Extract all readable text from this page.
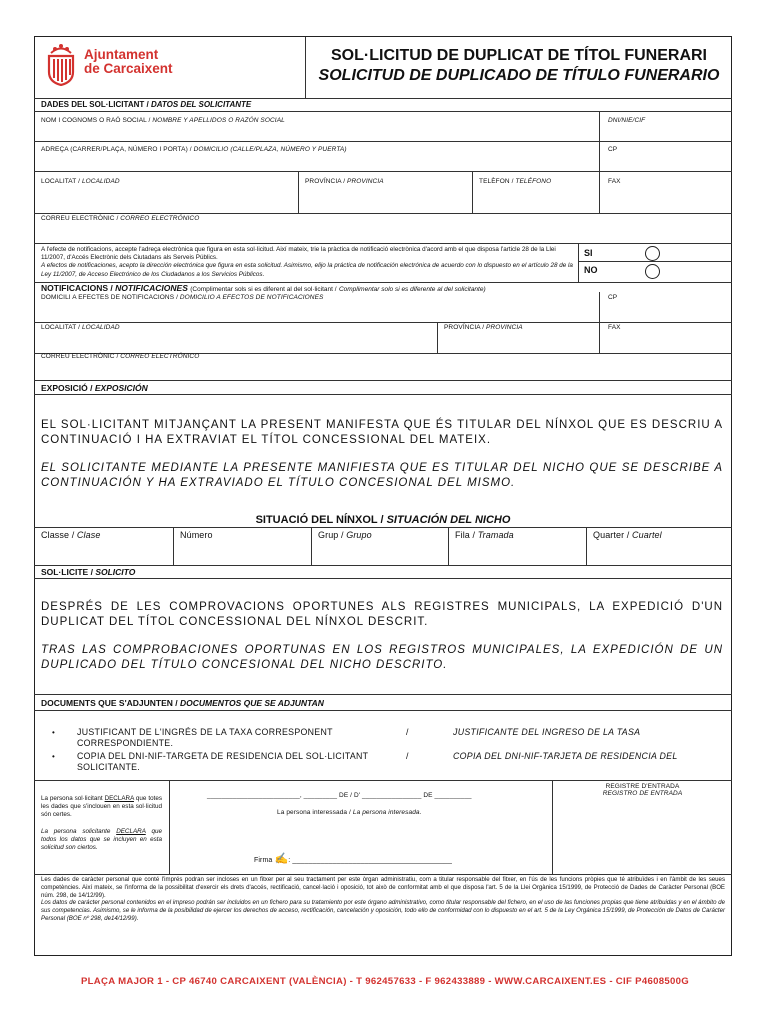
Ajuntament
de Carcaixent
SOL·LICITUD DE DUPLICAT DE TÍTOL FUNERARI
SOLICITUD DE DUPLICADO DE TÍTULO FUNERARIO
DADES DEL SOL·LICITANT / DATOS DEL SOLICITANTE
NOM I COGNOMS O RAÓ SOCIAL / NOMBRE Y APELLIDOS O RAZÓN SOCIAL	DNI/NIE/CIF
ADREÇA (CARRER/PLAÇA, NÚMERO I PORTA) / DOMICILIO (CALLE/PLAZA, NÚMERO Y PUERTA)	CP
LOCALITAT / LOCALIDAD	PROVÍNCIA / PROVINCIA	TELÈFON / TELÉFONO	FAX
CORREU ELECTRÒNIC / CORREO ELECTRÓNICO
A l'efecte de notificacions, accepte l'adreça electrònica que figura en esta sol·licitud. Així mateix, trie la pràctica de notificació electrònica d'acord amb el que disposa l'article 28 de la Llei 11/2007, d'Accés Electrònic dels Ciutadans als Serveis Públics.
A efectos de notificaciones, acepto la dirección electrónica que figura en esta solicitud. Asimismo, elijo la práctica de notificación electrónica de acuerdo con lo dispuesto en el artículo 28 de la Ley 11/2007, de Acceso Electrónico de los Ciudadanos a los Servicios Públicos.
SI
NO
NOTIFICACIONS / NOTIFICACIONES (Complimentar sols si es diferent al del sol·licitant / Complimentar solo si es diferente al del solicitante)
DOMICILI A EFECTES DE NOTIFICACIONS / DOMICILIO A EFECTOS DE NOTIFICACIONES	CP
LOCALITAT / LOCALIDAD	PROVÍNCIA / PROVINCIA	FAX
CORREU ELECTRÒNIC / CORREO ELECTRÓNICO
EXPOSICIÓ / EXPOSICIÓN

EL SOL·LICITANT MITJANÇANT LA PRESENT MANIFESTA QUE ÉS TITULAR DEL NÍNXOL QUE ES DESCRIU A CONTINUACIÓ I HA EXTRAVIAT EL TÍTOL CONCESSIONAL DEL MATEIX.

EL SOLICITANTE MEDIANTE LA PRESENTE MANIFIESTA QUE ES TITULAR DEL NICHO QUE SE DESCRIBE A CONTINUACIÓN Y HA EXTRAVIADO EL TÍTULO CONCESIONAL DEL MISMO.

SITUACIÓ DEL NÍNXOL / SITUACIÓN DEL NICHO
Classe / Clase	Número	Grup / Grupo	Fila / Tramada	Quarter / Cuartel
SOL·LICITE / SOLICITO

DESPRÉS DE LES COMPROVACIONS OPORTUNES ALS REGISTRES MUNICIPALS, LA EXPEDICIÓ D'UN DUPLICAT DEL TÍTOL CONCESSIONAL DEL NÍNXOL DESCRIT.

TRAS LAS COMPROBACIONES OPORTUNAS EN LOS REGISTROS MUNICIPALES, LA EXPEDICIÓN DE UN DUPLICADO DEL TÍTULO CONCESIONAL DEL NICHO DESCRITO.

DOCUMENTS QUE S'ADJUNTEN / DOCUMENTOS QUE SE ADJUNTAN
•	JUSTIFICANT DE L'INGRÉS DE LA TAXA CORRESPONENT CORRESPONDIENTE.
/	JUSTIFICANTE DEL INGRESO DE LA TASA
•	COPIA DEL DNI-NIF-TARGETA DE RESIDENCIA DEL SOL·LICITANT SOLICITANTE.
/	COPIA DEL DNI-NIF-TARJETA DE RESIDENCIA DEL
La persona sol·licitant DECLARA que totes les dades que s'inclouen en esta sol·licitud són certes.
La persona solicitante DECLARA que todos los datos que se incluyen en esta solicitud son ciertos.
_________________________, _________ DE / D' ________________ DE __________
La persona interessada / La persona interesada.
Firma ✍: ________________________________________
REGISTRE D'ENTRADA
REGISTRO DE ENTRADA
Les dades de caràcter personal que conté l'imprés podran ser incloses en un fitxer per al seu tractament per este òrgan administratiu, com a titular responsable del fitxer, en l'ús de les funcions pròpies que té atribuïdes i en l'àmbit de les seues competències. Així mateix, se l'informa de la possibilitat d'exercir els drets d'accés, rectificació, cancel·lació i oposició, tot això de conformitat amb el que disposa l'art. 5 de la Llei Orgànica 15/1999, de Protecció de Dades de Caràcter Personal (BOE núm. 298, de 14/12/99).
Los datos de carácter personal contenidos en el impreso podrán ser incluidos en un fichero para su tratamiento por este órgano administrativo, como titular responsable del fichero, en el uso de las funciones propias que tiene atribuidas y en el ámbito de sus competencias. Asimismo, se le informa de la posibilidad de ejercer los derechos de acceso, rectificación, cancelación y oposición, todo ello de conformidad con lo dispuesto en el art. 5 de la Ley Orgánica 15/1999, de Protección de Datos de Carácter Personal (BOE nº 298, de14/12/99).
PLAÇA MAJOR 1 - CP 46740 CARCAIXENT (VALÈNCIA) - T 962457633 - F 962433889 - WWW.CARCAIXENT.ES - CIF P4608500G
